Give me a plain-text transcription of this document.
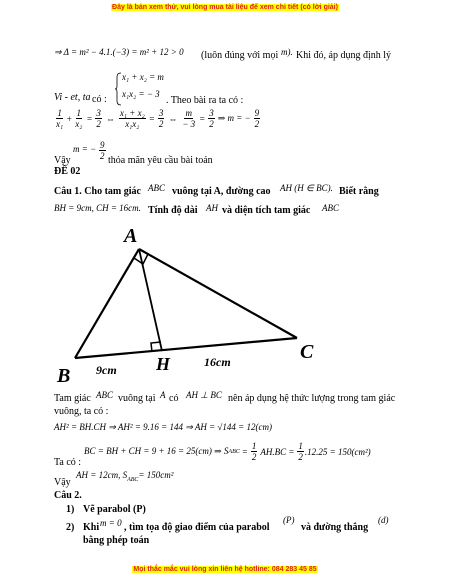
Đây là bản xem thử, vui lòng mua tài liệu để xem chi tiết (có lời giải)
⇒ Δ = m² − 4.1.(−3) = m² + 12 > 0 (luôn đúng với mọi m). Khi đó, áp dụng định lý
Vi - et, ta có :
x₁ + x₂ = m
x₁x₂ = − 3
. Theo bài ra ta có :
$\frac{1}{\text{x₁}} + \frac{1}{\text{x₂}} = \frac{3}{2}$ ⇔ $\frac{\text{x₁ + x₂}}{\text{x₁x₂}} = \frac{3}{2}$ ⇔ $\frac{m}{- 3} = \frac{3}{2}$ ⇒ m = − $\frac{9}{2}$
Vậy
m = − $\frac{9}{2}$ thỏa mãn yêu cầu bài toán
ĐỀ 02
Câu 1. Cho tam giác ABC vuông tại A, đường cao AH (H ∈ BC). Biết rằng
BH = 9cm, CH = 16cm. Tính độ dài AH và diện tích tam giác ABC
A
B
C
H
9cm
16cm
Tam giác ABC vuông tại A có AH ⊥ BC nên áp dụng hệ thức lượng trong tam giác
vuông, ta có :
AH² = BH.CH ⇒ AH² = 9.16 = 144 ⇒ AH = √144 = 12(cm)
Ta có :
BC = BH + CH = 9 + 16 = 25(cm) ⇒ S ABC = $\frac{1}{2} AH.BC = \frac{1}{2} .12.25 = 150(cm^2)$
Vậy
AH = 12cm, $S_{ABC}= 150cm^2$
Câu 2.
1) Vẽ parabol (P)
2) Khi m = 0 , tìm tọa độ giao điểm của parabol
(P)
và đường thẳng
(d)
bằng phép toán
Mọi thắc mắc vui lòng xin liên hệ hotline: 084 283 45 85
